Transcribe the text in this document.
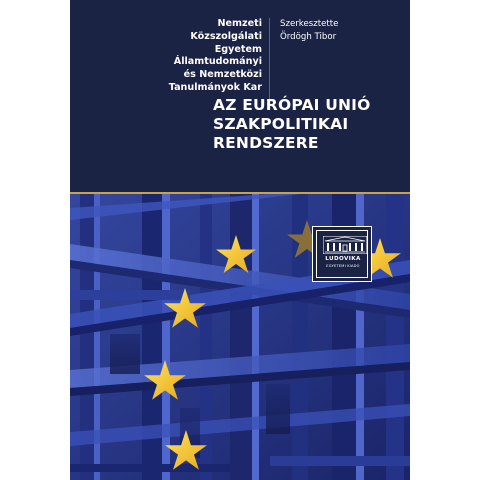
Nemzeti
Közszolgálati
Egyetem
Államtudományi
és Nemzetközi
Tanulmányok Kar
Szerkesztette
Ördögh Tibor
AZ EURÓPAI UNIÓ
SZAKPOLITIKAI
RENDSZERE
LUDOVIKA
EGYETEMI KIADÓ
